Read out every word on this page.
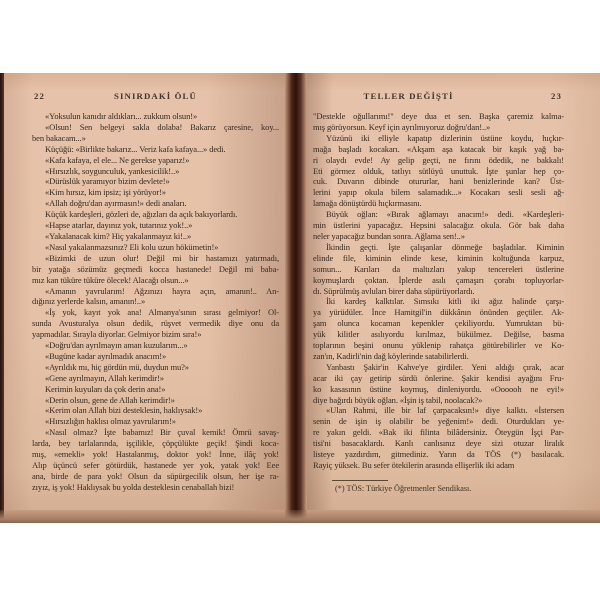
22	SINIRDAKİ ÖLÜ
«Yoksulun kanıdır aldıkları... zukkum olsun!»
«Olsun! Sen belgeyi sakla dolaba! Bakarız çaresine, koy...
ben bakacam...»
Küçüğü: «Birlikte bakarız... Veriz kafa kafaya...» dedi.
«Kafa kafaya, el ele... Ne gerekse yaparız!»
«Hırsızlık, soygunculuk, yankesicilik!..»
«Dürüslük yaramıyor bizim devlete!»
«Kim hırsız, kim ipsiz; işi yörüyor!»
«Allah doğru'dan ayırmasın!» dedi anaları.
Küçük kardeşleri, gözleri de, ağızları da açık bakıyorlardı.
«Hapse atarlar, dayınız yok, tutarınız yok!..»
«Yakalanacak kim? Hiç yakalanmayız ki!..»
«Nasıl yakalanmazsınız? Eli kolu uzun hökümetin!»
«Bizimki de uzun olur! Değil mi bir hastamızı yatırmadı,
bir yatağa sözümüz geçmedi kocca hastanede! Değil mi baba-
mız kan tüküre tüküre ölecek! Alacağı olsun...»
«Amanın yavrularım! Ağzınızı hayra açın, amanın!.. An-
dığınız yerlerde kalsın, amanın!..»
«İş yok, kayıt yok ana! Almanya'sının sırası gelmiyor! Ol-
sunda Avusturalya olsun dedik, rüşvet vermedik diye onu da
yapmadılar. Sırayla diyorlar. Gelmiyor bizim sıra!»
«Doğru'dan ayrılmayın aman kuzularım...»
«Bugüne kadar ayrılmadık anacım!»
«Ayrıldık mı, hiç gördün mü, duydun mu?»
«Gene ayrılmayın, Allah kerimdir!»
Kerimin kuyuları da çok derin ana!»
«Derin olsun, gene de Allah kerimdir!»
«Kerim olan Allah bizi desteklesin, haklıysak!»
«Hırsızlığın haklısı olmaz yavrularım!»
«Nasıl olmaz? İşte babamız! Bir çuval kemik! Ömrü savaş-
larda, bey tarlalarında, işçilikle, çöpçülükte geçik! Şindi koca-
mış, «emekli» yok! Hastalanmış, doktor yok! İnne, ilâç yok!
Alıp üçüncü sefer götürdük, hastanede yer yok, yatak yok! Eee
ana, birde de para yok! Olsun da süpürgecilik olsun, her işe ra-
zıyız, iş yok! Haklıysak bu yolda desteklesin cenaballah bizi!
TELLER DEĞİŞTİ	23
"Destekle oğullarımı!" deye dua et sen. Başka çaremiz kalma-
mış görüyorsun. Keyf için ayrılmıyoruz doğru'dan!..»
Yüzünü iki elliyle kapatıp dizlerinin üstüne koydu, hıçkır-
mağa başladı kocakarı. «Akşam aşa katacak bir kaşık yağ ba-
ri olaydı evde! Ay gelip geçti, ne fırını ödedik, ne bakkalı!
Eti görmez olduk, tatlıyı sütlüyü unuttuk. İşte şunlar hep ço-
cuk. Duvarın dibinde otururlar, hani benizlerinde kan? Üst-
lerini yapıp okula bilem salamadık...» Kocakarı sesli sesli ağ-
lamağa dönüştürdü hıçkırmasını.
Büyük oğlan: «Bırak ağlamayı anacım!» dedi. «Kardeşleri-
min üstlerini yapacağız. Hepsini salacağız okula. Gör bak daha
neler yapacağız bundan sonra. Ağlama sen!..»
İkindin geçti. İşte çalışanlar dönmeğe başladılar. Kiminin
elinde file, kiminin elinde kese, kiminin koltuğunda karpuz,
somun... Karıları da maltızları yakıp tencereleri üstlerine
koymuşlardı çoktan. İplerde asılı çamaşırı çorabı topluyorlar-
dı. Süprülmüş avluları birer daha süpürüyorlardı.
İki kardeş kalktılar. Sımsıkı kitli iki ağız halinde çarşı-
ya yürüdüler. İnce Hamitgil'in dükkânın önünden geçtiler. Ak-
şam olunca kocaman kepenkler çekiliyordu. Yumruktan bü-
yük kilitler asılıyordu kırılmaz, bükülmez. Değilse, basma
toplarının beşini onunu yüklenip rahatça götürebilirler ve Ko-
zan'ın, Kadirli'nin dağ köylerinde satabilirlerdi.
Yanbastı Şakir'in Kahve'ye girdiler. Yeni aldığı çırak, acar
acar iki çay getirip sürdü önlerine. Şakir kendisi ayağını Fru-
ko kasasının üstüne koymuş, dinleniyordu. «Oooooh ne eyi!»
diye bağırdı büyük oğlan. «İşin iş tabil, noolacak?»
«Ulan Rahmi, ille bir laf çarpacaksın!» diye kalktı. «İstersen
senin de işin iş olabilir be yeğenim!» dedi. Oturdukları ye-
re yakın geldi. «Bak iki filinta bilâdersiniz. Öteygün İşçi Par-
tisi'ni basacaklardı. Kanlı canlısınız deye sizi otuzar liralık
listeye yazdırdım, gitmediniz. Yarın da TÖS (*) basılacak.
Rayiç yüksek. Bu sefer ötekilerin arasında ellişerlik iki adam
(*) TÖS: Türkiye Öğretmenler Sendikası.
